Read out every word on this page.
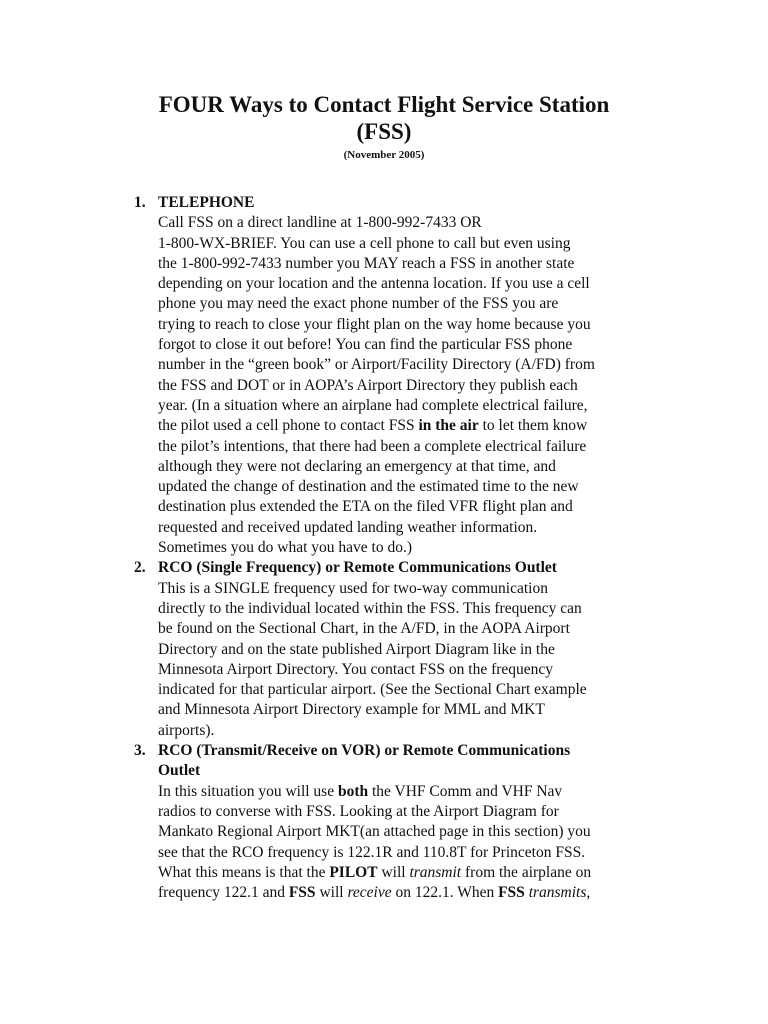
FOUR Ways to Contact Flight Service Station
(FSS)
(November 2005)
1. TELEPHONE
Call FSS on a direct landline at 1-800-992-7433 OR
1-800-WX-BRIEF. You can use a cell phone to call but even using
the 1-800-992-7433 number you MAY reach a FSS in another state
depending on your location and the antenna location. If you use a cell
phone you may need the exact phone number of the FSS you are
trying to reach to close your flight plan on the way home because you
forgot to close it out before! You can find the particular FSS phone
number in the “green book” or Airport/Facility Directory (A/FD) from
the FSS and DOT or in AOPA’s Airport Directory they publish each
year. (In a situation where an airplane had complete electrical failure,
the pilot used a cell phone to contact FSS in the air to let them know
the pilot’s intentions, that there had been a complete electrical failure
although they were not declaring an emergency at that time, and
updated the change of destination and the estimated time to the new
destination plus extended the ETA on the filed VFR flight plan and
requested and received updated landing weather information.
Sometimes you do what you have to do.)
2. RCO (Single Frequency) or Remote Communications Outlet
This is a SINGLE frequency used for two-way communication
directly to the individual located within the FSS. This frequency can
be found on the Sectional Chart, in the A/FD, in the AOPA Airport
Directory and on the state published Airport Diagram like in the
Minnesota Airport Directory. You contact FSS on the frequency
indicated for that particular airport. (See the Sectional Chart example
and Minnesota Airport Directory example for MML and MKT
airports).
3. RCO (Transmit/Receive on VOR) or Remote Communications
Outlet
In this situation you will use both the VHF Comm and VHF Nav
radios to converse with FSS. Looking at the Airport Diagram for
Mankato Regional Airport MKT(an attached page in this section) you
see that the RCO frequency is 122.1R and 110.8T for Princeton FSS.
What this means is that the PILOT will transmit from the airplane on
frequency 122.1 and FSS will receive on 122.1. When FSS transmits,
